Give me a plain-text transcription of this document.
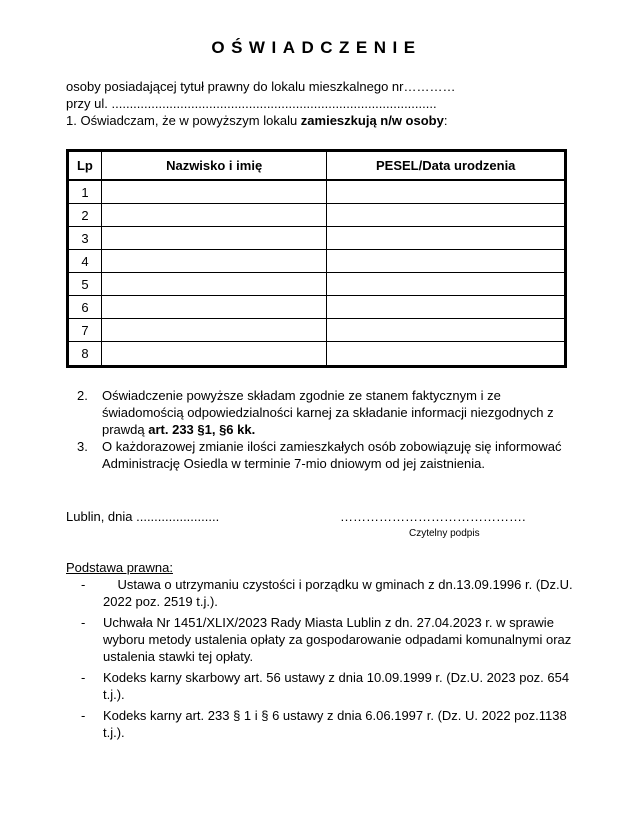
OŚWIADCZENIE
osoby posiadającej tytuł prawny do lokalu mieszkalnego nr…………
przy ul. ..........................................................................................
1. Oświadczam, że w powyższym lokalu zamieszkują n/w osoby:
Lp	Nazwisko i imię	PESEL/Data urodzenia
1		
2		
3		
4		
5		
6		
7		
8		
2. Oświadczenie powyższe składam zgodnie ze stanem faktycznym i ze świadomością odpowiedzialności karnej za składanie informacji niezgodnych z prawdą art. 233 §1, §6 kk.
3. O każdorazowej zmianie ilości zamieszkałych osób zobowiązuję się informować Administrację Osiedla w terminie 7-mio dniowym od jej zaistnienia.
Lublin, dnia .......................	…………………………………….
Czytelny podpis
Podstawa prawna:
- Ustawa o utrzymaniu czystości i porządku w gminach z dn.13.09.1996 r. (Dz.U. 2022 poz. 2519 t.j.).
- Uchwała Nr 1451/XLIX/2023 Rady Miasta Lublin z dn. 27.04.2023 r. w sprawie wyboru metody ustalenia opłaty za gospodarowanie odpadami komunalnymi oraz ustalenia stawki tej opłaty.
- Kodeks karny skarbowy art. 56 ustawy z dnia 10.09.1999 r. (Dz.U. 2023 poz. 654 t.j.).
- Kodeks karny art. 233 § 1 i § 6 ustawy z dnia 6.06.1997 r. (Dz. U. 2022 poz.1138 t.j.).
